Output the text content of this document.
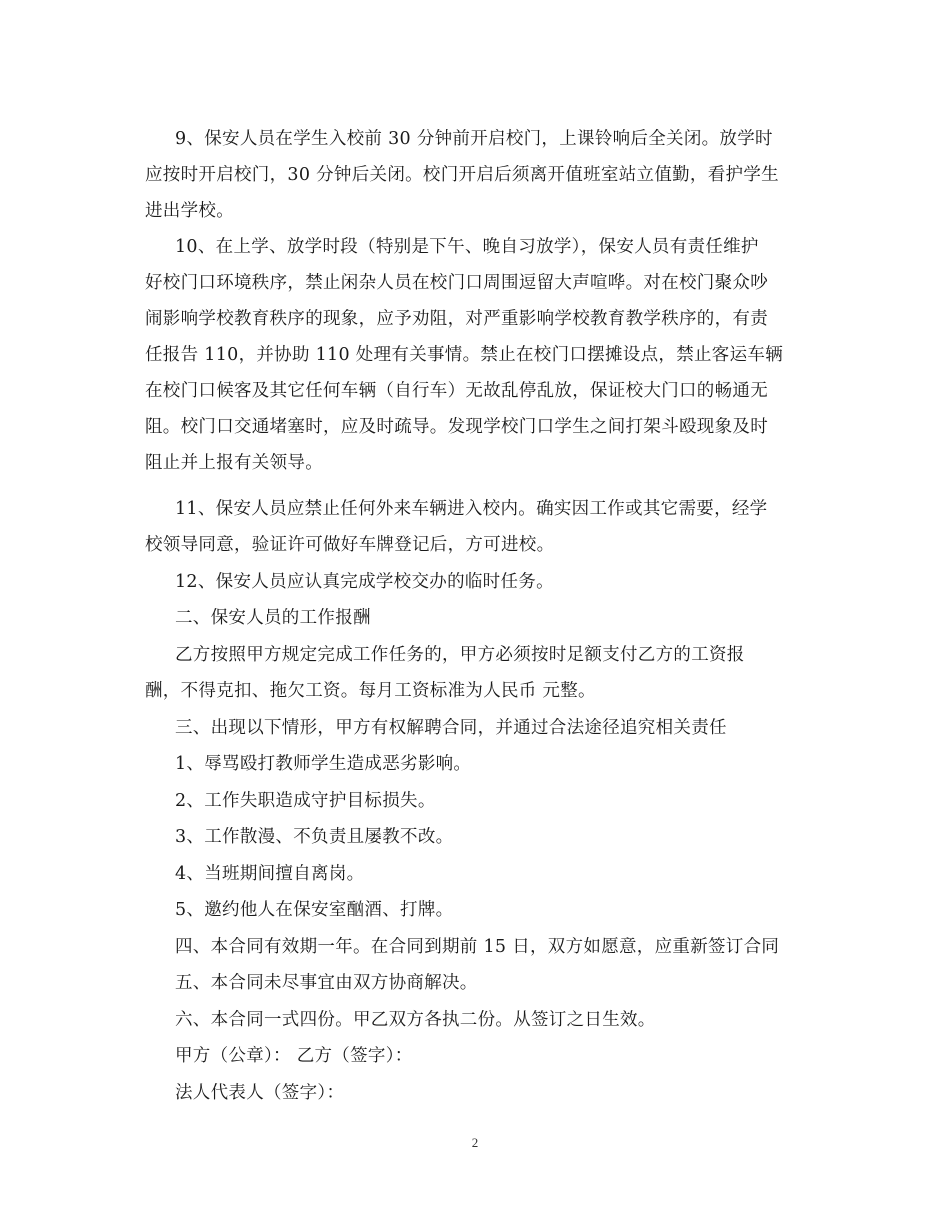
9、保安人员在学生入校前 30 分钟前开启校门，上课铃响后全关闭。放学时
应按时开启校门，30 分钟后关闭。校门开启后须离开值班室站立值勤，看护学生
进出学校。
10、在上学、放学时段（特别是下午、晚自习放学），保安人员有责任维护
好校门口环境秩序，禁止闲杂人员在校门口周围逗留大声喧哗。对在校门聚众吵
闹影响学校教育秩序的现象，应予劝阻，对严重影响学校教育教学秩序的，有责
任报告 110，并协助 110 处理有关事情。禁止在校门口摆摊设点，禁止客运车辆
在校门口候客及其它任何车辆（自行车）无故乱停乱放，保证校大门口的畅通无
阻。校门口交通堵塞时，应及时疏导。发现学校门口学生之间打架斗殴现象及时
阻止并上报有关领导。
11、保安人员应禁止任何外来车辆进入校内。确实因工作或其它需要，经学
校领导同意，验证许可做好车牌登记后，方可进校。
12、保安人员应认真完成学校交办的临时任务。
二、保安人员的工作报酬
乙方按照甲方规定完成工作任务的，甲方必须按时足额支付乙方的工资报
酬，不得克扣、拖欠工资。每月工资标准为人民币 元整。
三、出现以下情形，甲方有权解聘合同，并通过合法途径追究相关责任
1、辱骂殴打教师学生造成恶劣影响。
2、工作失职造成守护目标损失。
3、工作散漫、不负责且屡教不改。
4、当班期间擅自离岗。
5、邀约他人在保安室酗酒、打牌。
四、本合同有效期一年。在合同到期前 15 日，双方如愿意，应重新签订合同
五、本合同未尽事宜由双方协商解决。
六、本合同一式四份。甲乙双方各执二份。从签订之日生效。
甲方（公章）： 乙方（签字）：
法人代表人（签字）：
2
